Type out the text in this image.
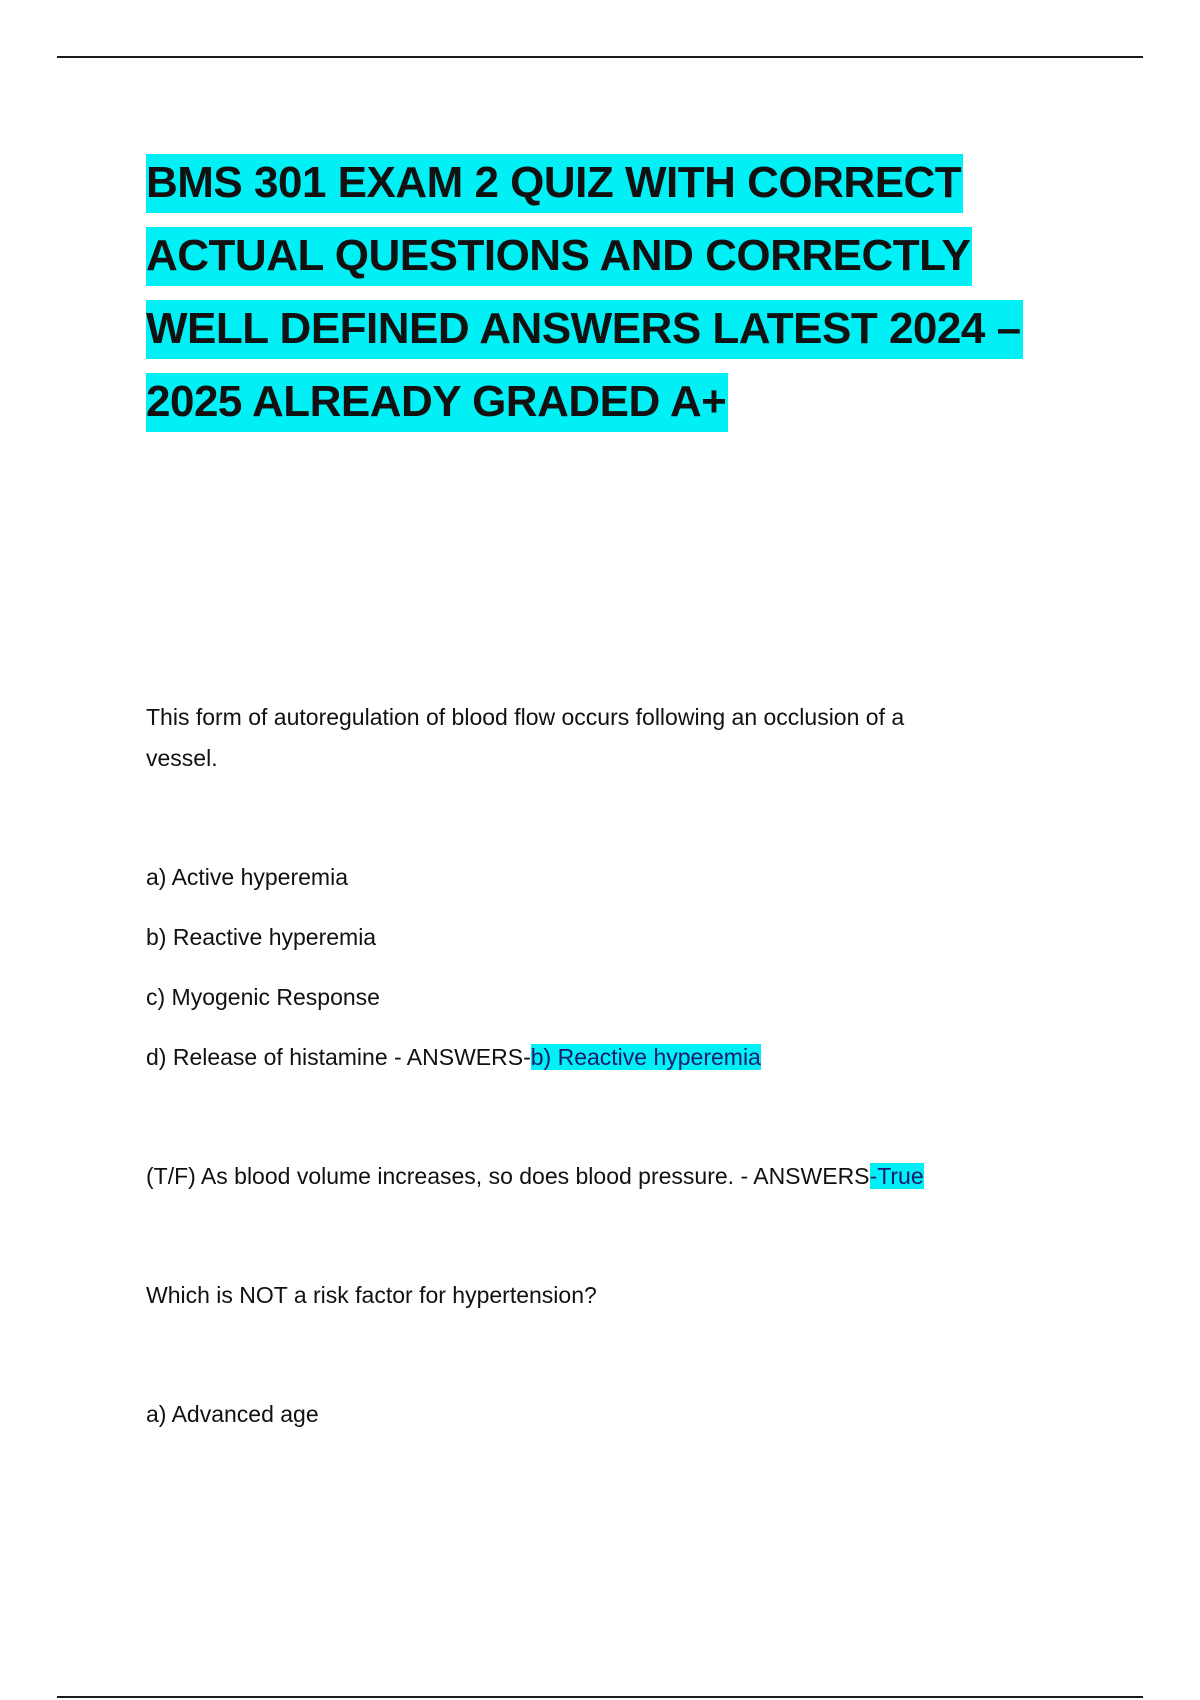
BMS 301 EXAM 2 QUIZ WITH CORRECT
ACTUAL QUESTIONS AND CORRECTLY
WELL DEFINED ANSWERS LATEST 2024 –
2025 ALREADY GRADED A+
This form of autoregulation of blood flow occurs following an occlusion of a
vessel.
a) Active hyperemia
b) Reactive hyperemia
c) Myogenic Response
d) Release of histamine - ANSWERS-b) Reactive hyperemia
(T/F) As blood volume increases, so does blood pressure. - ANSWERS-True
Which is NOT a risk factor for hypertension?
a) Advanced age
